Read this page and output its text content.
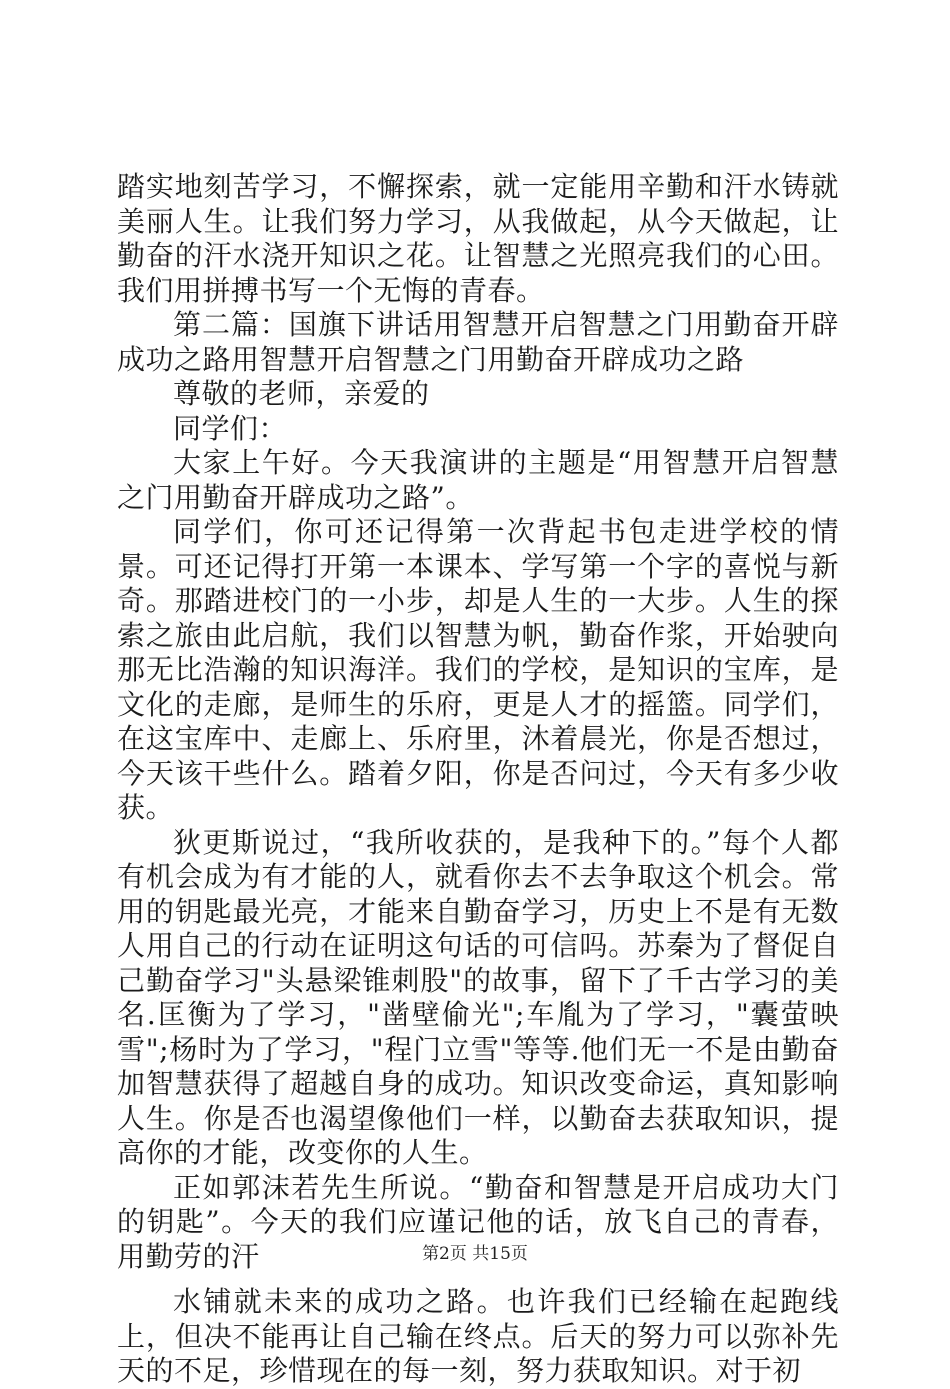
踏实地刻苦学习，不懈探索，就一定能用辛勤和汗水铸就美丽人生。让我们努力学习，从我做起，从今天做起，让勤奋的汗水浇开知识之花。让智慧之光照亮我们的心田。我们用拼搏书写一个无悔的青春。

第二篇：国旗下讲话用智慧开启智慧之门用勤奋开辟成功之路用智慧开启智慧之门用勤奋开辟成功之路

尊敬的老师，亲爱的

同学们：

大家上午好。今天我演讲的主题是“用智慧开启智慧之门用勤奋开辟成功之路”。

同学们，你可还记得第一次背起书包走进学校的情景。可还记得打开第一本课本、学写第一个字的喜悦与新奇。那踏进校门的一小步，却是人生的一大步。人生的探索之旅由此启航，我们以智慧为帆，勤奋作浆，开始驶向那无比浩瀚的知识海洋。我们的学校，是知识的宝库，是文化的走廊，是师生的乐府，更是人才的摇篮。同学们，在这宝库中、走廊上、乐府里，沐着晨光，你是否想过，今天该干些什么。踏着夕阳，你是否问过，今天有多少收获。

狄更斯说过，“我所收获的，是我种下的。”每个人都有机会成为有才能的人，就看你去不去争取这个机会。常用的钥匙最光亮，才能来自勤奋学习，历史上不是有无数人用自己的行动在证明这句话的可信吗。苏秦为了督促自己勤奋学习"头悬梁锥刺股"的故事，留下了千古学习的美名.匡衡为了学习，"凿壁偷光";车胤为了学习，"囊萤映雪";杨时为了学习，"程门立雪"等等.他们无一不是由勤奋加智慧获得了超越自身的成功。知识改变命运，真知影响人生。你是否也渴望像他们一样，以勤奋去获取知识，提高你的才能，改变你的人生。

正如郭沫若先生所说。“勤奋和智慧是开启成功大门的钥匙”。今天的我们应谨记他的话，放飞自己的青春，用勤劳的汗

水铺就未来的成功之路。也许我们已经输在起跑线上，但决不能再让自己输在终点。后天的努力可以弥补先天的不足，珍惜现在的每一刻，努力获取知识。对于初

第2页 共15页
